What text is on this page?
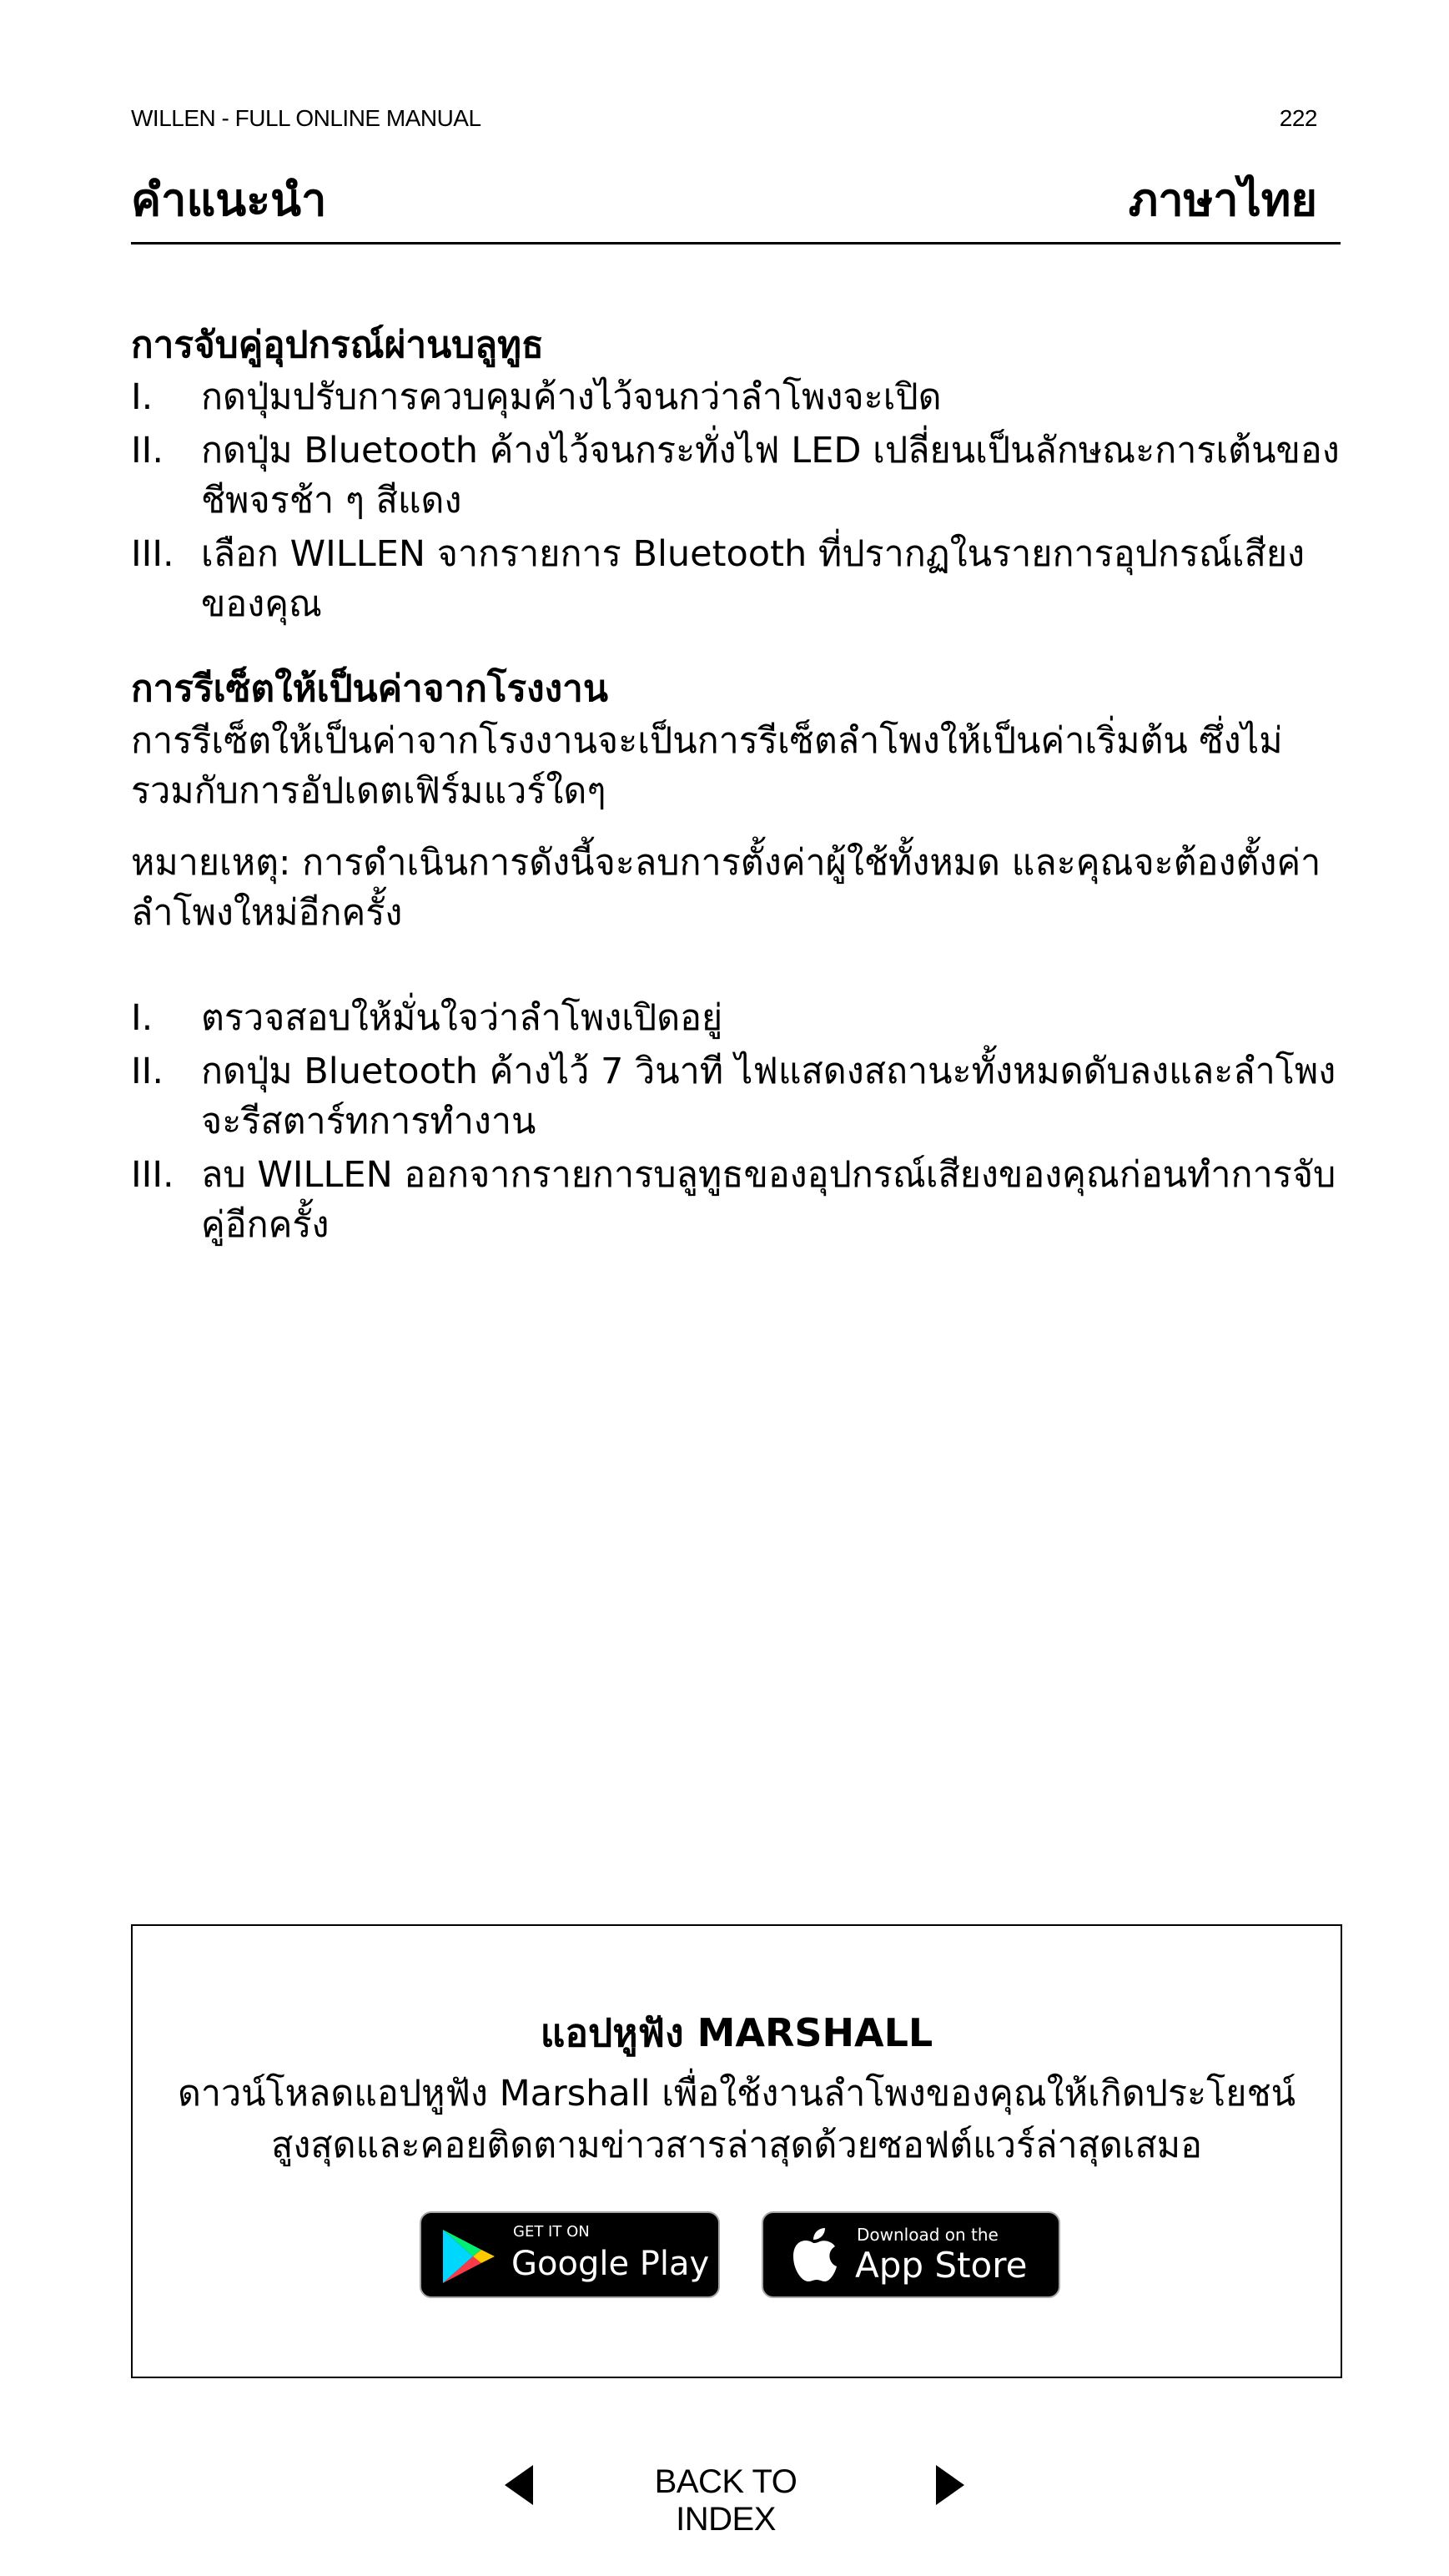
WILLEN - FULL ONLINE MANUAL	222
คำแนะนำ	ภาษาไทย
การจับคู่อุปกรณ์ผ่านบลูทูธ
I. กดปุ่มปรับการควบคุมค้างไว้จนกว่าลำโพงจะเปิด
II. กดปุ่ม Bluetooth ค้างไว้จนกระทั่งไฟ LED เปลี่ยนเป็นลักษณะการเต้นของชีพจรช้า ๆ สีแดง
III. เลือก WILLEN จากรายการ Bluetooth ที่ปรากฏในรายการอุปกรณ์เสียงของคุณ
การรีเซ็ตให้เป็นค่าจากโรงงาน
การรีเซ็ตให้เป็นค่าจากโรงงานจะเป็นการรีเซ็ตลำโพงให้เป็นค่าเริ่มต้น ซึ่งไม่รวมกับการอัปเดตเฟิร์มแวร์ใดๆ
หมายเหตุ: การดำเนินการดังนี้จะลบการตั้งค่าผู้ใช้ทั้งหมด และคุณจะต้องตั้งค่าลำโพงใหม่อีกครั้ง
I. ตรวจสอบให้มั่นใจว่าลำโพงเปิดอยู่
II. กดปุ่ม Bluetooth ค้างไว้ 7 วินาที ไฟแสดงสถานะทั้งหมดดับลงและลำโพงจะรีสตาร์ทการทำงาน
III. ลบ WILLEN ออกจากรายการบลูทูธของอุปกรณ์เสียงของคุณก่อนทำการจับคู่อีกครั้ง
แอปหูฟัง MARSHALL
ดาวน์โหลดแอปหูฟัง Marshall เพื่อใช้งานลำโพงของคุณให้เกิดประโยชน์
สูงสุดและคอยติดตามข่าวสารล่าสุดด้วยซอฟต์แวร์ล่าสุดเสมอ
GET IT ON
Google Play
Download on the
App Store
BACK TO INDEX
